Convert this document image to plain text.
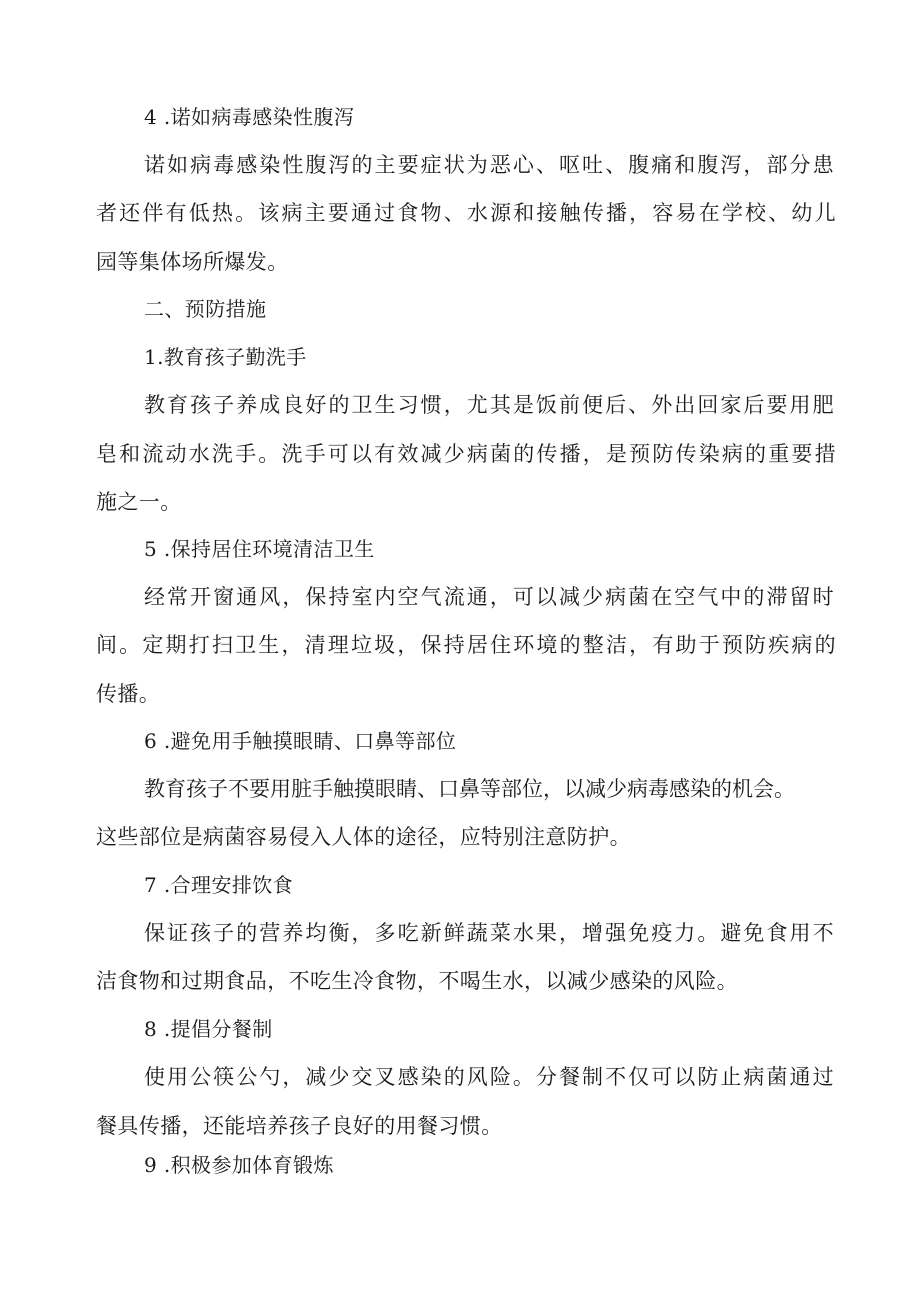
4 .诺如病毒感染性腹泻
诺如病毒感染性腹泻的主要症状为恶心、呕吐、腹痛和腹泻，部分患
者还伴有低热。该病主要通过食物、水源和接触传播，容易在学校、幼儿
园等集体场所爆发。
二、预防措施
1.教育孩子勤洗手
教育孩子养成良好的卫生习惯，尤其是饭前便后、外出回家后要用肥
皂和流动水洗手。洗手可以有效减少病菌的传播，是预防传染病的重要措
施之一。
5 .保持居住环境清洁卫生
经常开窗通风，保持室内空气流通，可以减少病菌在空气中的滞留时
间。定期打扫卫生，清理垃圾，保持居住环境的整洁，有助于预防疾病的
传播。
6 .避免用手触摸眼睛、口鼻等部位
教育孩子不要用脏手触摸眼睛、口鼻等部位，以减少病毒感染的机会。
这些部位是病菌容易侵入人体的途径，应特别注意防护。
7 .合理安排饮食
保证孩子的营养均衡，多吃新鲜蔬菜水果，增强免疫力。避免食用不
洁食物和过期食品，不吃生冷食物，不喝生水，以减少感染的风险。
8 .提倡分餐制
使用公筷公勺，减少交叉感染的风险。分餐制不仅可以防止病菌通过
餐具传播，还能培养孩子良好的用餐习惯。
9 .积极参加体育锻炼
